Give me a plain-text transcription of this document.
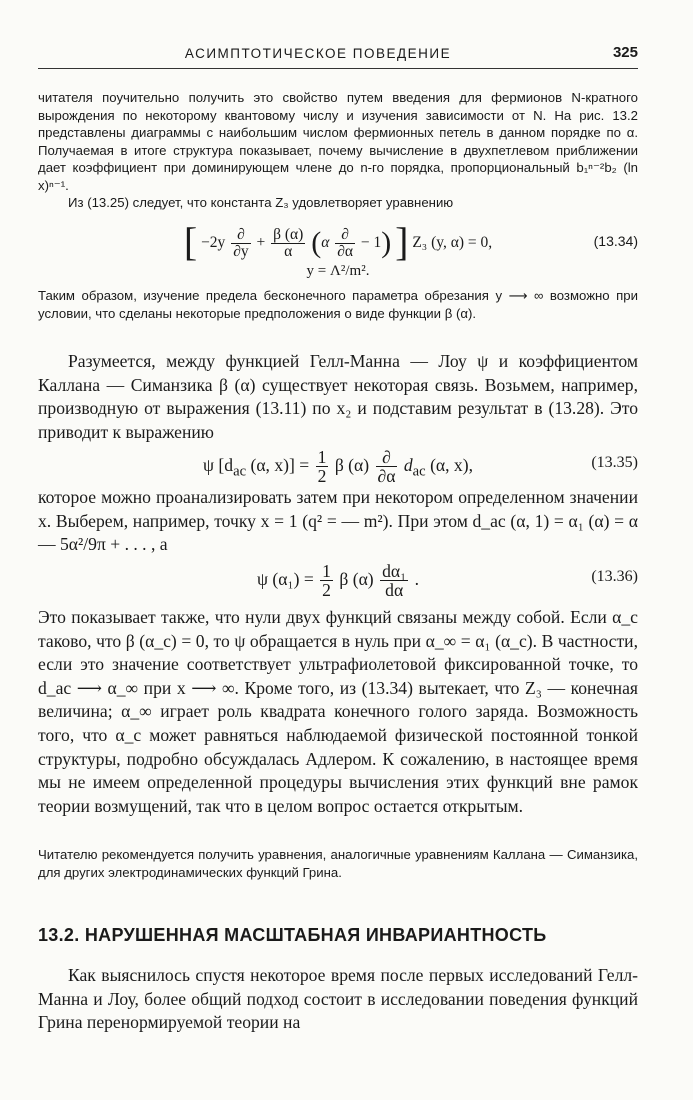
АСИМПТОТИЧЕСКОЕ ПОВЕДЕНИЕ	325

читателя поучительно получить это свойство путем введения для фермионов N-кратного вырождения по некоторому квантовому числу и изучения зависимости от N. На рис. 13.2 представлены диаграммы с наибольшим числом фермионных петель в данном порядке по α. Получаемая в итоге структура показывает, почему вычисление в двухпетлевом приближении дает коэффициент при доминирующем члене до n-го порядка, пропорциональный b₁ⁿ⁻²b₂ (ln x)ⁿ⁻¹.

Из (13.25) следует, что константа Z₃ удовлетворяет уравнению

[ $-2y \frac{\partial}{\partial y} + \frac{\beta (\alpha)}{\alpha} (\alpha \frac{\partial}{\partial\alpha} - 1)$ ] Z₃ (y, α) = 0,	(13.34)
y = Λ²/m².

Таким образом, изучение предела бесконечного параметра обрезания y ⟶ ∞ возможно при условии, что сделаны некоторые предположения о виде функции β (α).

Разумеется, между функцией Гелл-Манна — Лоу ψ и коэффициентом Каллана — Симанзика β (α) существует некоторая связь. Возьмем, например, производную от выражения (13.11) по x₂ и подставим результат в (13.28). Это приводит к выражению

ψ [$d_{ac}$ (α, $x)] = \frac{1}{2}$ β $(\alpha) \frac{\partial}{\partial\alpha} d_{ac}$ (α, x),	(13.35)

которое можно проанализировать затем при некотором определенном значении x. Выберем, например, точку x = 1 (q² = — m²). При этом d_ac (α, 1) = α₁ (α) = α — 5α²/9π + . . . , а

ψ $(\alpha_1) = \frac{1}{2}$ β $(\alpha) \frac{\text{dα₁}}{d\alpha}$ .	(13.36)

Это показывает также, что нули двух функций связаны между собой. Если α_c таково, что β (α_c) = 0, то ψ обращается в нуль при α_∞ = α₁ (α_c). В частности, если это значение соответствует ультрафиолетовой фиксированной точке, то d_ac ⟶ α_∞ при x ⟶ ∞. Кроме того, из (13.34) вытекает, что Z₃ — конечная величина; α_∞ играет роль квадрата конечного голого заряда. Возможность того, что α_c может равняться наблюдаемой физической постоянной тонкой структуры, подробно обсуждалась Адлером. К сожалению, в настоящее время мы не имеем определенной процедуры вычисления этих функций вне рамок теории возмущений, так что в целом вопрос остается открытым.

Читателю рекомендуется получить уравнения, аналогичные уравнениям Каллана — Симанзика, для других электродинамических функций Грина.

13.2. НАРУШЕННАЯ МАСШТАБНАЯ ИНВАРИАНТНОСТЬ

Как выяснилось спустя некоторое время после первых исследований Гелл-Манна и Лоу, более общий подход состоит в исследовании поведения функций Грина перенормируемой теории на
